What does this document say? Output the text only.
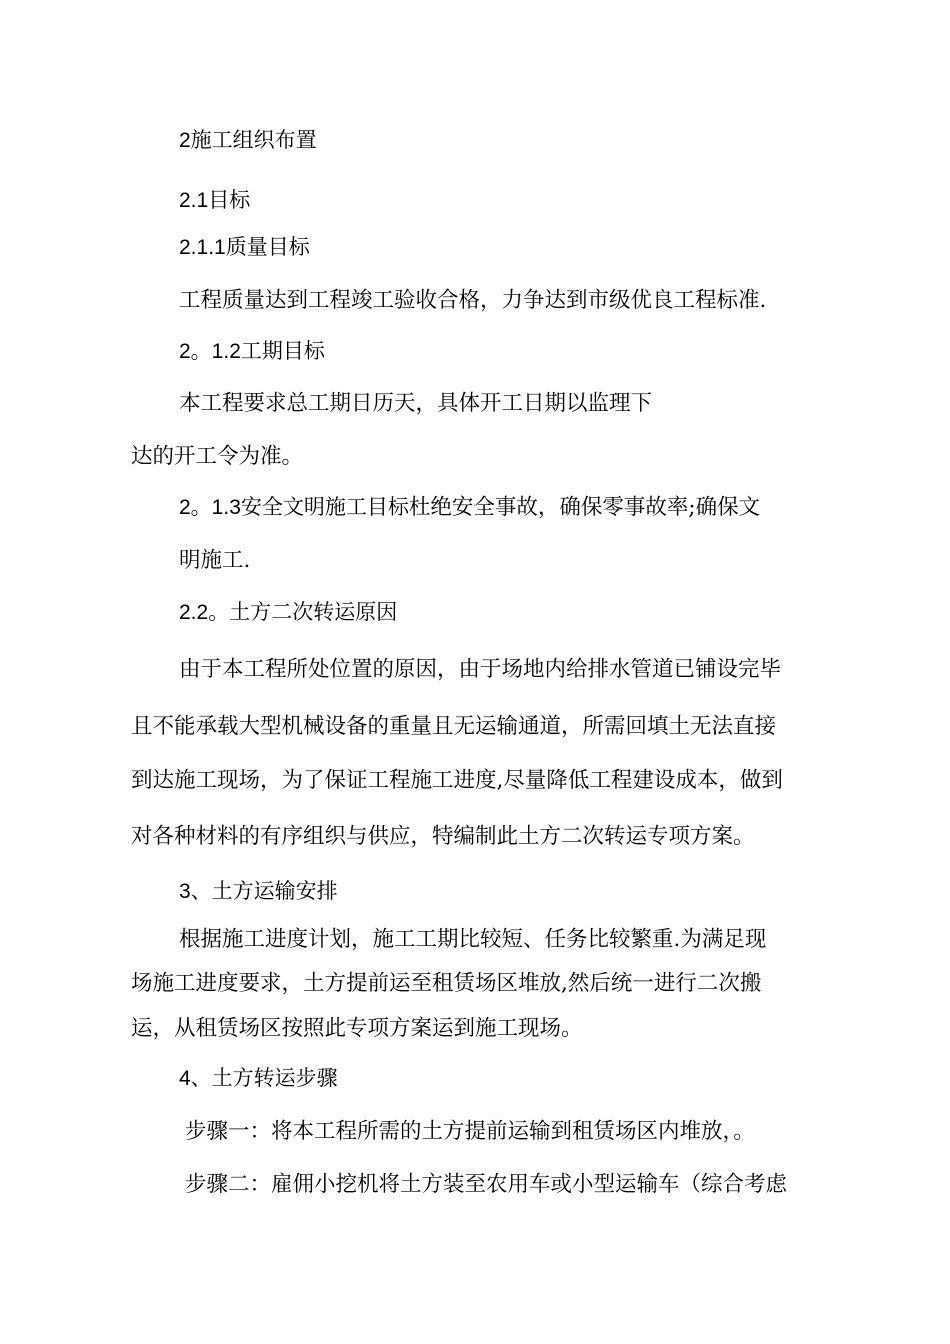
2施工组织布置
2.1目标
2.1.1质量目标
工程质量达到工程竣工验收合格，力争达到市级优良工程标准.
2。1.2工期目标
本工程要求总工期日历天，具体开工日期以监理下
达的开工令为准。
2。1.3安全文明施工目标杜绝安全事故，确保零事故率;确保文
明施工.
2.2。土方二次转运原因
由于本工程所处位置的原因，由于场地内给排水管道已铺设完毕
且不能承载大型机械设备的重量且无运输通道，所需回填土无法直接
到达施工现场，为了保证工程施工进度,尽量降低工程建设成本，做到
对各种材料的有序组织与供应，特编制此土方二次转运专项方案。
3、土方运输安排
根据施工进度计划，施工工期比较短、任务比较繁重.为满足现
场施工进度要求，土方提前运至租赁场区堆放,然后统一进行二次搬
运，从租赁场区按照此专项方案运到施工现场。
4、土方转运步骤
步骤一：将本工程所需的土方提前运输到租赁场区内堆放，。
步骤二：雇佣小挖机将土方装至农用车或小型运输车（综合考虑
